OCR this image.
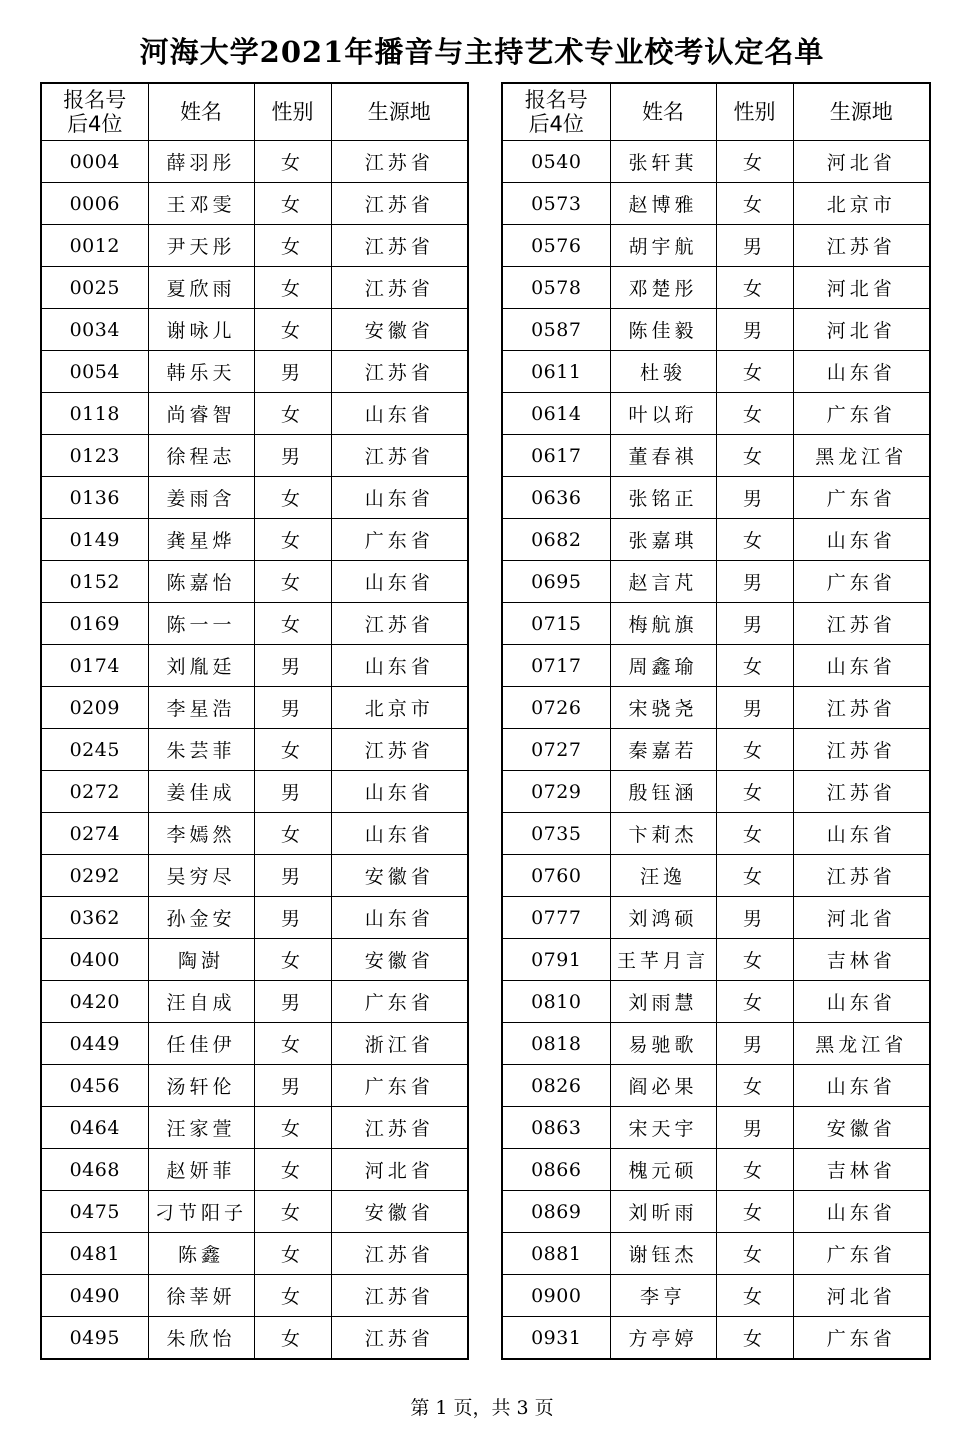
河海大学2021年播音与主持艺术专业校考认定名单
报名号
后4位	姓名	性别	生源地

0004	薛羽彤	女	江苏省
0006	王邓雯	女	江苏省
0012	尹天彤	女	江苏省
0025	夏欣雨	女	江苏省
0034	谢咏儿	女	安徽省
0054	韩乐天	男	江苏省
0118	尚睿智	女	山东省
0123	徐程志	男	江苏省
0136	姜雨含	女	山东省
0149	龚星烨	女	广东省
0152	陈嘉怡	女	山东省
0169	陈一一	女	江苏省
0174	刘胤廷	男	山东省
0209	李星浩	男	北京市
0245	朱芸菲	女	江苏省
0272	姜佳成	男	山东省
0274	李嫣然	女	山东省
0292	吴穷尽	男	安徽省
0362	孙金安	男	山东省
0400	陶澍	女	安徽省
0420	汪自成	男	广东省
0449	任佳伊	女	浙江省
0456	汤轩伦	男	广东省
0464	汪家萱	女	江苏省
0468	赵妍菲	女	河北省
0475	刁节阳子	女	安徽省
0481	陈鑫	女	江苏省
0490	徐莘妍	女	江苏省
0495	朱欣怡	女	江苏省
报名号
后4位	姓名	性别	生源地

0540	张轩萁	女	河北省
0573	赵博雅	女	北京市
0576	胡宇航	男	江苏省
0578	邓楚彤	女	河北省
0587	陈佳毅	男	河北省
0611	杜骏	女	山东省
0614	叶以珩	女	广东省
0617	董春祺	女	黑龙江省
0636	张铭正	男	广东省
0682	张嘉琪	女	山东省
0695	赵言芃	男	广东省
0715	梅航旗	男	江苏省
0717	周鑫瑜	女	山东省
0726	宋骁尧	男	江苏省
0727	秦嘉若	女	江苏省
0729	殷钰涵	女	江苏省
0735	卞莉杰	女	山东省
0760	汪逸	女	江苏省
0777	刘鸿硕	男	河北省
0791	王芊月言	女	吉林省
0810	刘雨慧	女	山东省
0818	易驰歌	男	黑龙江省
0826	阎必果	女	山东省
0863	宋天宇	男	安徽省
0866	槐元硕	女	吉林省
0869	刘昕雨	女	山东省
0881	谢钰杰	女	广东省
0900	李亨	女	河北省
0931	方亭婷	女	广东省
第 1 页，共 3 页
